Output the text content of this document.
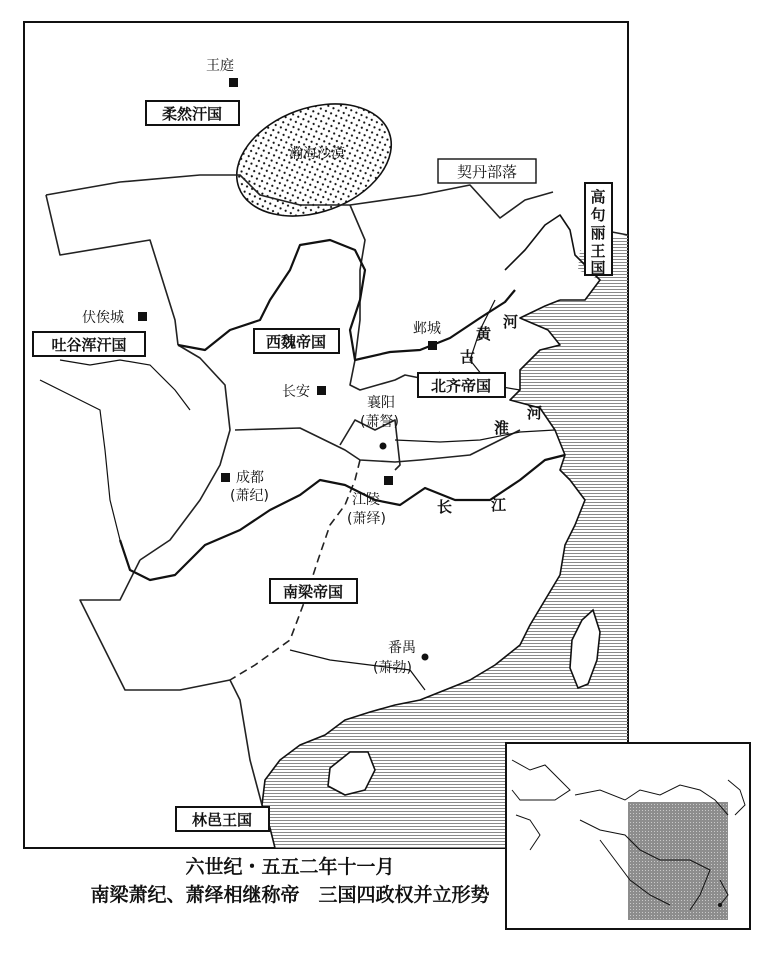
王庭
柔然汗国
瀚海沙漠
契丹部落
高
句
丽
王
国
伏俟城
吐谷浑汗国	西魏帝国
邺城
长安	北齐帝国
襄阳
(萧詧)
成都
(萧纪)	江陵
(萧绎)
南梁帝国
番禺
(萧勃)
林邑王国
黄
河
古
河
淮
长	江
六世纪・五五二年十一月
南梁萧纪、萧绎相继称帝　三国四政权并立形势
